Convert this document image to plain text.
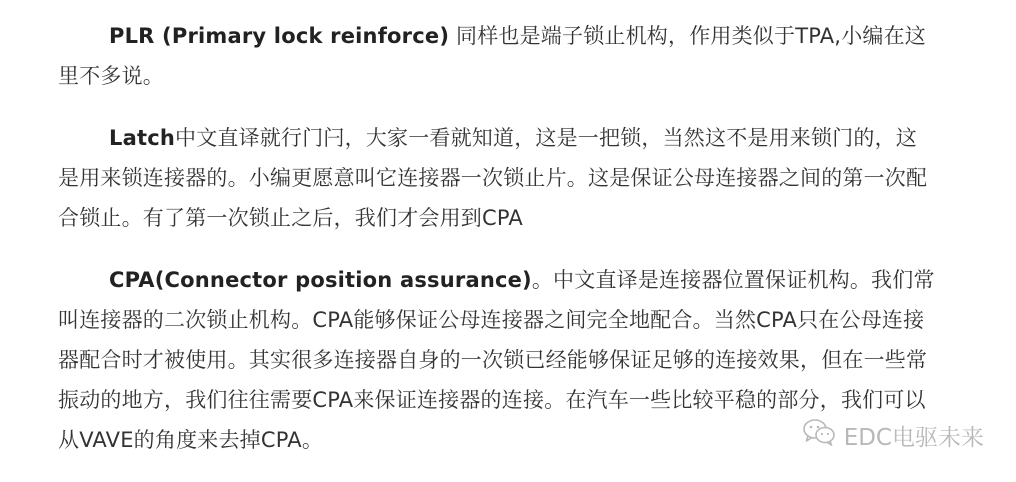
PLR (Primary lock reinforce) 同样也是端子锁止机构，作用类似于TPA,小编在这里不多说。

Latch中文直译就行门闩，大家一看就知道，这是一把锁，当然这不是用来锁门的，这是用来锁连接器的。小编更愿意叫它连接器一次锁止片。这是保证公母连接器之间的第一次配合锁止。有了第一次锁止之后，我们才会用到CPA

CPA(Connector position assurance)。中文直译是连接器位置保证机构。我们常叫连接器的二次锁止机构。CPA能够保证公母连接器之间完全地配合。当然CPA只在公母连接器配合时才被使用。其实很多连接器自身的一次锁已经能够保证足够的连接效果，但在一些常振动的地方，我们往往需要CPA来保证连接器的连接。在汽车一些比较平稳的部分，我们可以从VAVE的角度来去掉CPA。	EDC电驱未来
